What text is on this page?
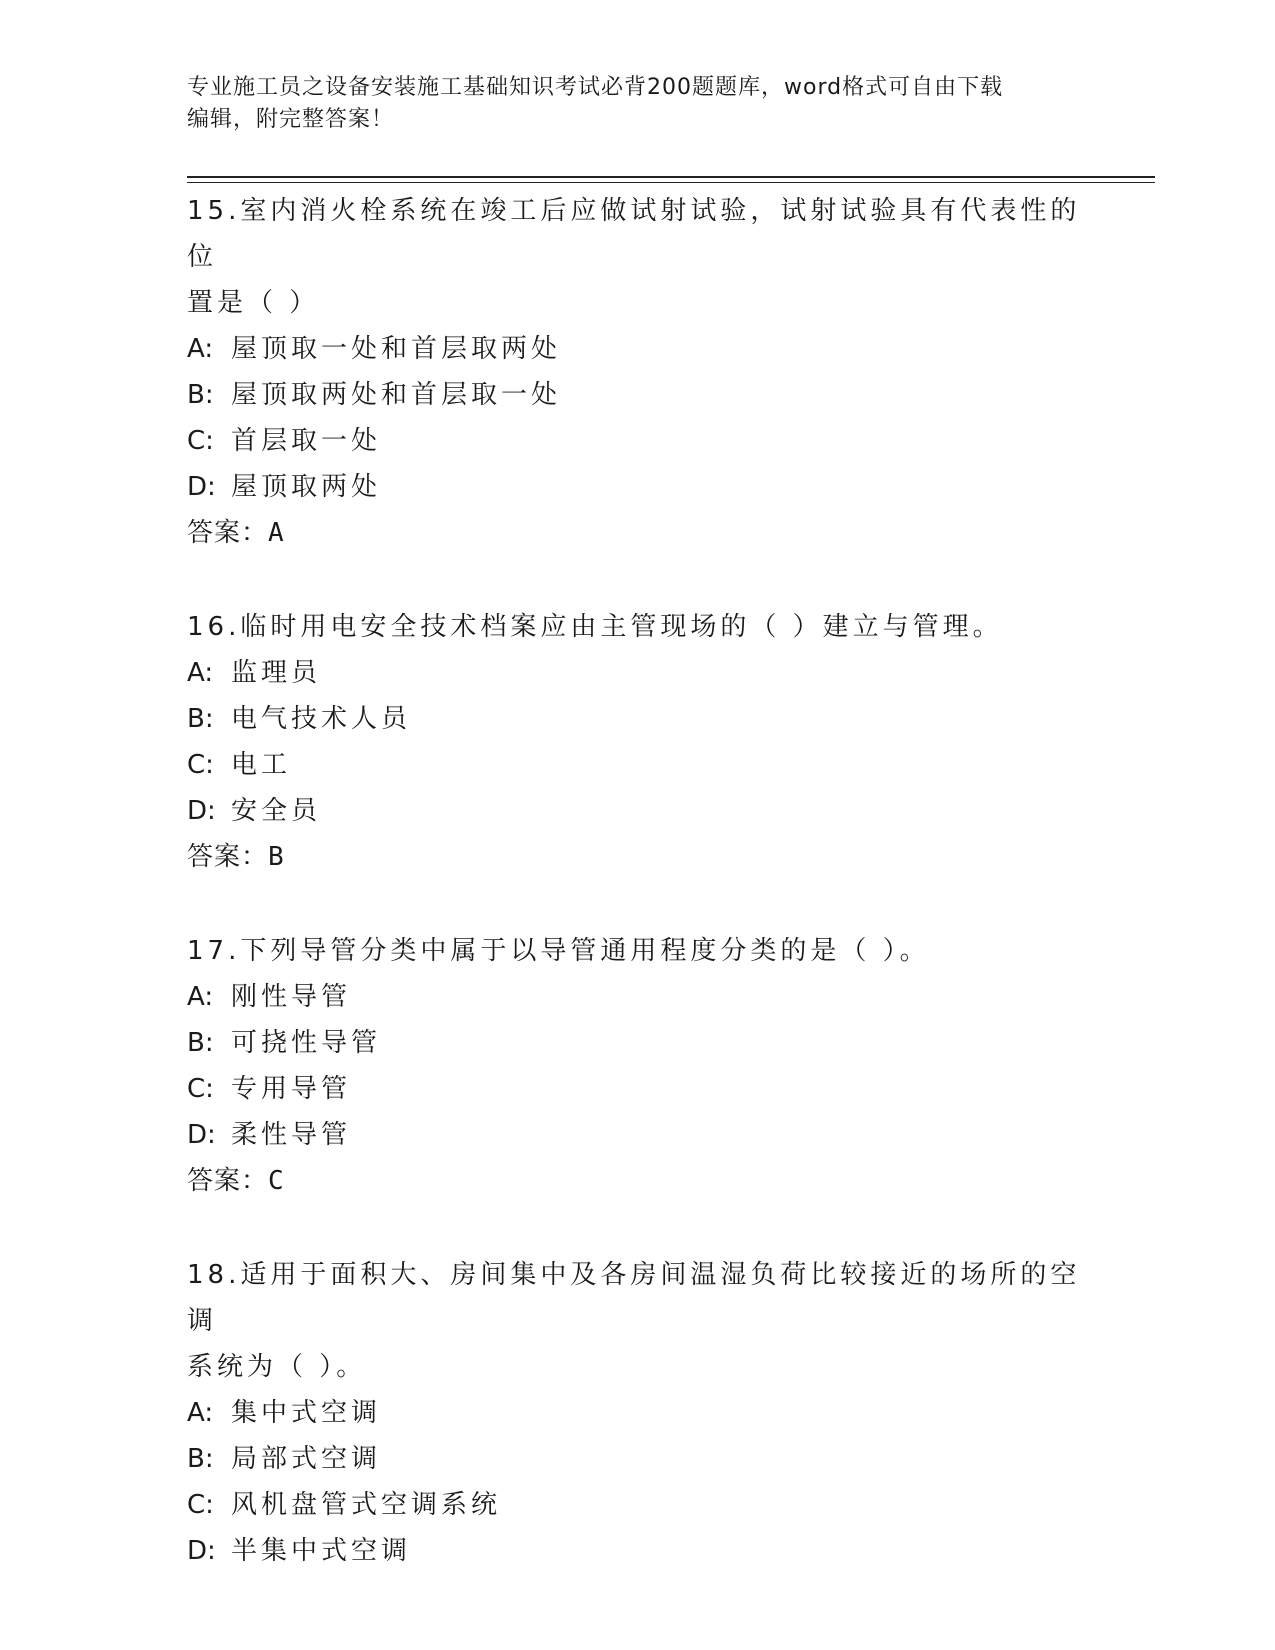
专业施工员之设备安装施工基础知识考试必背200题题库，word格式可自由下载
编辑，附完整答案！
15.室内消火栓系统在竣工后应做试射试验，试射试验具有代表性的位
置是（ ）
A: 屋顶取一处和首层取两处
B: 屋顶取两处和首层取一处
C: 首层取一处
D: 屋顶取两处
答案：A
16.临时用电安全技术档案应由主管现场的（ ）建立与管理。
A: 监理员
B: 电气技术人员
C: 电工
D: 安全员
答案：B
17.下列导管分类中属于以导管通用程度分类的是（ ）。
A: 刚性导管
B: 可挠性导管
C: 专用导管
D: 柔性导管
答案：C
18.适用于面积大、房间集中及各房间温湿负荷比较接近的场所的空调
系统为（ ）。
A: 集中式空调
B: 局部式空调
C: 风机盘管式空调系统
D: 半集中式空调
